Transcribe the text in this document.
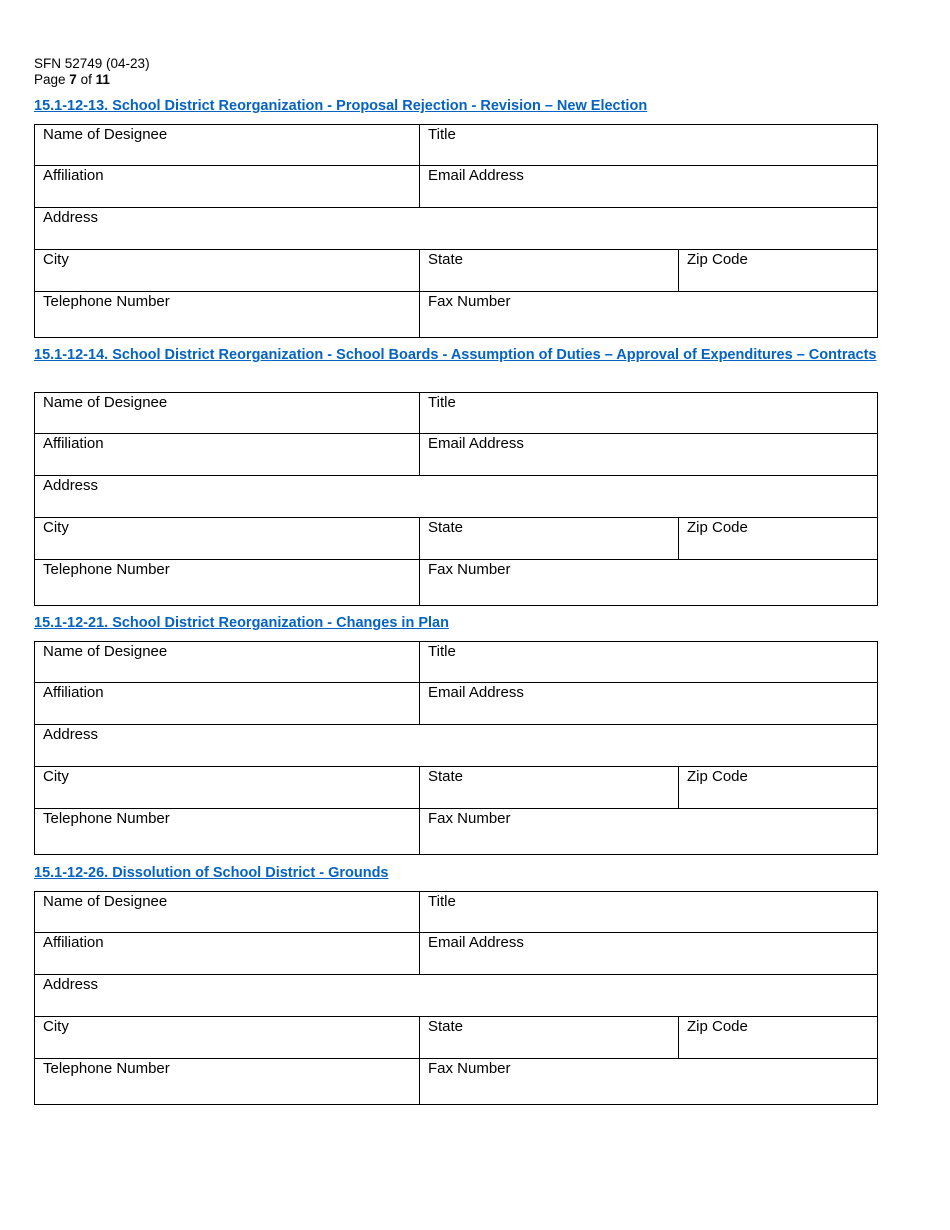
SFN 52749 (04-23)
Page 7 of 11
15.1-12-13. School District Reorganization - Proposal Rejection - Revision – New Election
Name of Designee	Title
Affiliation	Email Address
Address
City	State	Zip Code
Telephone Number	Fax Number
15.1-12-14. School District Reorganization - School Boards - Assumption of Duties – Approval of Expenditures – Contracts
Name of Designee	Title
Affiliation	Email Address
Address
City	State	Zip Code
Telephone Number	Fax Number
15.1-12-21. School District Reorganization - Changes in Plan
Name of Designee	Title
Affiliation	Email Address
Address
City	State	Zip Code
Telephone Number	Fax Number
15.1-12-26. Dissolution of School District - Grounds
Name of Designee	Title
Affiliation	Email Address
Address
City	State	Zip Code
Telephone Number	Fax Number
